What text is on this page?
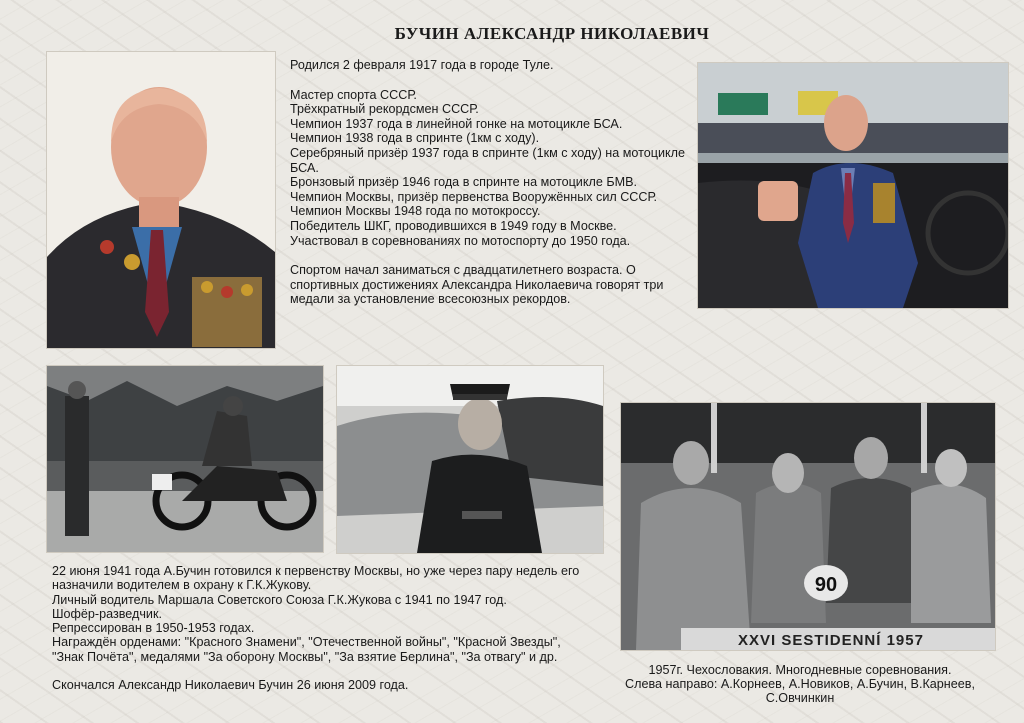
БУЧИН АЛЕКСАНДР НИКОЛАЕВИЧ

Родился 2 февраля 1917 года в городе Туле.

Мастер спорта СССР.

Трёхкратный рекордсмен СССР.

Чемпион 1937 года в линейной гонке на мотоцикле БСА.

Чемпион 1938 года в спринте (1км с ходу).

Серебряный призёр 1937 года в спринте (1км с ходу) на мотоцикле БСА.

Бронзовый призёр 1946 года в спринте на мотоцикле БМВ.

Чемпион Москвы, призёр первенства Вооружённых сил СССР.

Чемпион Москвы 1948 года по мотокроссу.

Победитель ШКГ, проводившихся в 1949 году в Москве.

Участвовал в соревнованиях по мотоспорту до 1950 года.

Спортом начал заниматься с двадцатилетнего возраста. О спортивных достижениях Александра Николаевича говорят три медали за установление всесоюзных рекордов.

90
XXVI SESTIDENNÍ 1957

22 июня 1941 года А.Бучин готовился к первенству Москвы, но уже через пару недель его назначили водителем в охрану к Г.К.Жукову.

Личный водитель Маршала Советского Союза Г.К.Жукова с 1941 по 1947 год.

Шофёр-разведчик.

Репрессирован в 1950-1953 годах.

Награждён орденами: "Красного Знамени", "Отечественной войны", "Красной Звезды", "Знак Почёта", медалями "За оборону Москвы", "За взятие Берлина", "За отвагу" и др.

Скончался Александр Николаевич Бучин 26 июня 2009 года.

1957г. Чехословакия. Многодневные соревнования.

Слева направо: А.Корнеев, А.Новиков, А.Бучин, В.Карнеев,

С.Овчинкин
